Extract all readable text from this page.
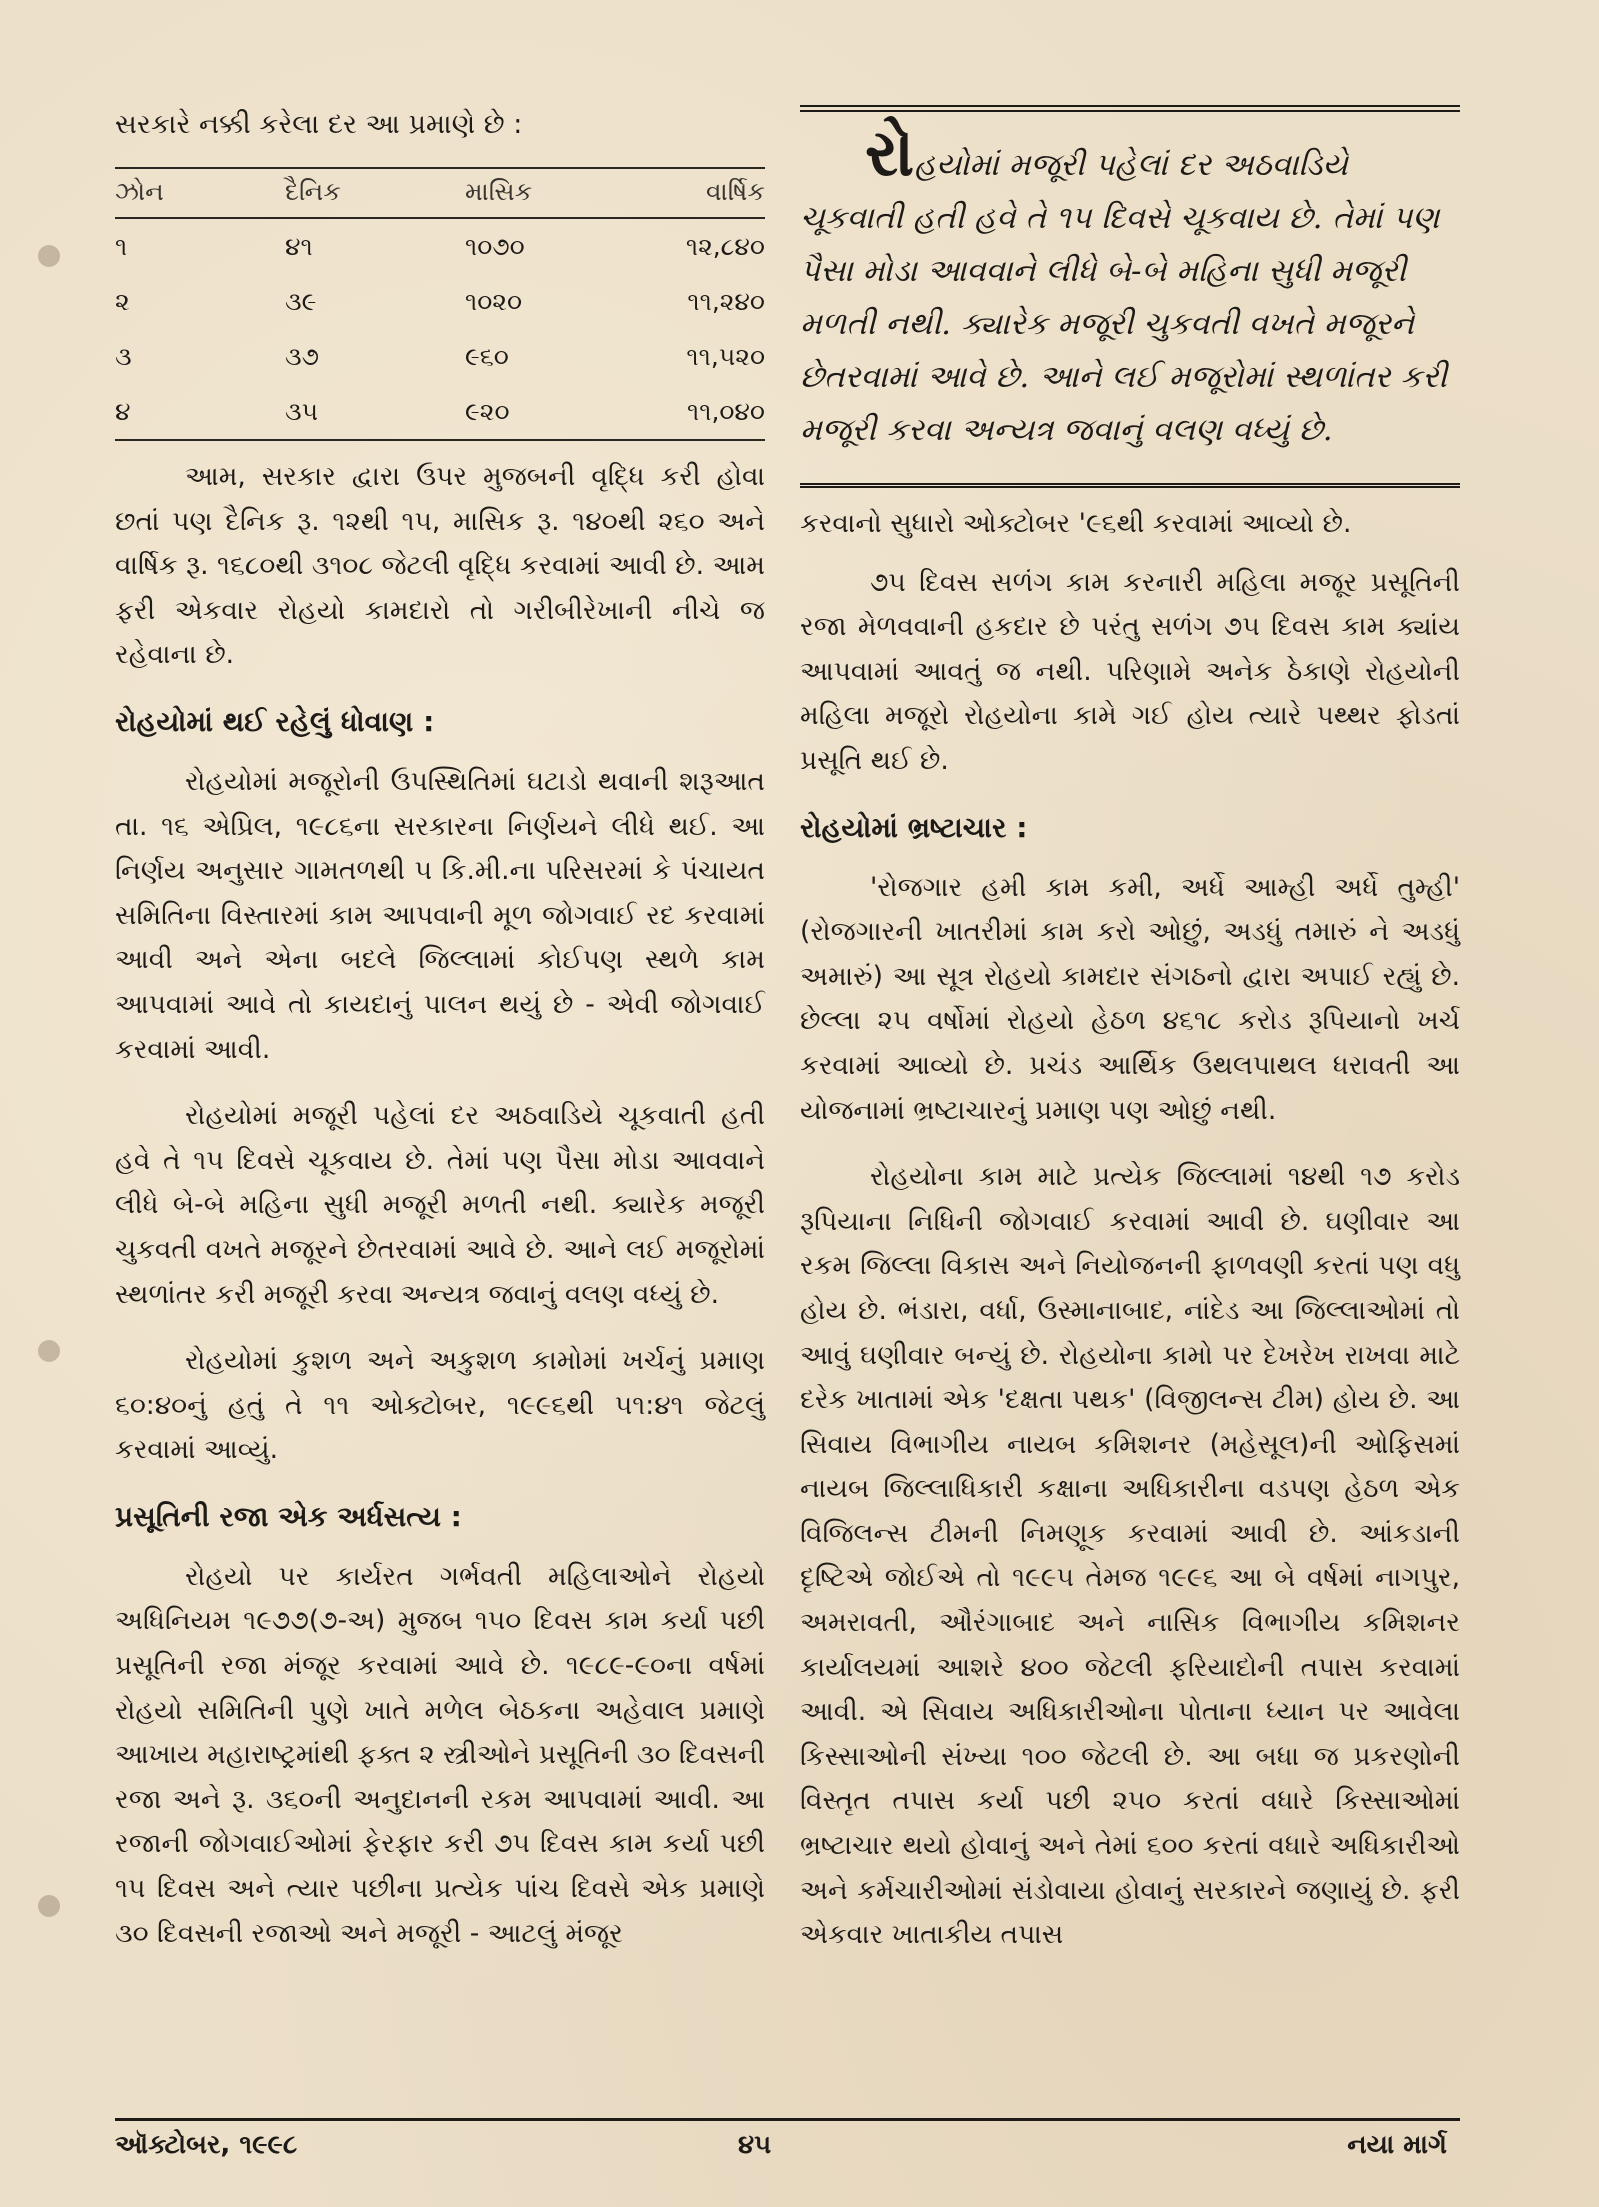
સરકારે નક્કી કરેલા દર આ પ્રમાણે છે :

ઝોન	દૈનિક	માસિક	વાર્ષિક
૧	૪૧	૧૦૭૦	૧૨,૮૪૦
૨	૩૯	૧૦૨૦	૧૧,૨૪૦
૩	૩૭	૯૬૦	૧૧,૫૨૦
૪	૩૫	૯૨૦	૧૧,૦૪૦

આમ, સરકાર દ્વારા ઉપર મુજબની વૃદ્ધિ કરી હોવા છતાં પણ દૈનિક રૂ. ૧૨થી ૧૫, માસિક રૂ. ૧૪૦થી ૨૬૦ અને વાર્ષિક રૂ. ૧૬૮૦થી ૩૧૦૮ જેટલી વૃદ્ધિ કરવામાં આવી છે. આમ ફરી એકવાર રોહયો કામદારો તો ગરીબીરેખાની નીચે જ રહેવાના છે.

રોહયોમાં થઈ રહેલું ધોવાણ :

રોહયોમાં મજૂરોની ઉપસ્થિતિમાં ઘટાડો થવાની શરૂઆત તા. ૧૬ એપ્રિલ, ૧૯૮૬ના સરકારના નિર્ણયને લીધે થઈ. આ નિર્ણય અનુસાર ગામતળથી ૫ કિ.મી.ના પરિસરમાં કે પંચાયત સમિતિના વિસ્તારમાં કામ આપવાની મૂળ જોગવાઈ રદ કરવામાં આવી અને એના બદલે જિલ્લામાં કોઈપણ સ્થળે કામ આપવામાં આવે તો કાયદાનું પાલન થયું છે - એવી જોગવાઈ કરવામાં આવી.

રોહયોમાં મજૂરી પહેલાં દર અઠવાડિયે ચૂકવાતી હતી હવે તે ૧૫ દિવસે ચૂકવાય છે. તેમાં પણ પૈસા મોડા આવવાને લીધે બે-બે મહિના સુધી મજૂરી મળતી નથી. ક્યારેક મજૂરી ચુકવતી વખતે મજૂરને છેતરવામાં આવે છે. આને લઈ મજૂરોમાં સ્થળાંતર કરી મજૂરી કરવા અન્યત્ર જવાનું વલણ વધ્યું છે.

રોહયોમાં કુશળ અને અકુશળ કામોમાં ખર્ચનું પ્રમાણ ૬૦:૪૦નું હતું તે ૧૧ ઓક્ટોબર, ૧૯૯૬થી ૫૧:૪૧ જેટલું કરવામાં આવ્યું.

પ્રસૂતિની રજા એક અર્ધસત્ય :

રોહયો પર કાર્યરત ગર્ભવતી મહિલાઓને રોહયો અધિનિયમ ૧૯૭૭(૭-અ) મુજબ ૧૫૦ દિવસ કામ કર્યા પછી પ્રસૂતિની રજા મંજૂર કરવામાં આવે છે. ૧૯૮૯-૯૦ના વર્ષમાં રોહયો સમિતિની પુણે ખાતે મળેલ બેઠકના અહેવાલ પ્રમાણે આખાય મહારાષ્ટ્રમાંથી ફક્ત ૨ સ્ત્રીઓને પ્રસૂતિની ૩૦ દિવસની રજા અને રૂ. ૩૬૦ની અનુદાનની રકમ આપવામાં આવી. આ રજાની જોગવાઈઓમાં ફેરફાર કરી ૭૫ દિવસ કામ કર્યા પછી ૧૫ દિવસ અને ત્યાર પછીના પ્રત્યેક પાંચ દિવસે એક પ્રમાણે ૩૦ દિવસની રજાઓ અને મજૂરી - આટલું મંજૂર

રોહયોમાં મજૂરી પહેલાં દર અઠવાડિયે ચૂકવાતી હતી હવે તે ૧૫ દિવસે ચૂકવાય છે. તેમાં પણ પૈસા મોડા આવવાને લીધે બે-બે મહિના સુધી મજૂરી મળતી નથી. ક્યારેક મજૂરી ચુકવતી વખતે મજૂરને છેતરવામાં આવે છે. આને લઈ મજૂરોમાં સ્થળાંતર કરી મજૂરી કરવા અન્યત્ર જવાનું વલણ વધ્યું છે.

કરવાનો સુધારો ઓક્ટોબર '૯૬થી કરવામાં આવ્યો છે.

૭૫ દિવસ સળંગ કામ કરનારી મહિલા મજૂર પ્રસૂતિની રજા મેળવવાની હકદાર છે પરંતુ સળંગ ૭૫ દિવસ કામ ક્યાંય આપવામાં આવતું જ નથી. પરિણામે અનેક ઠેકાણે રોહયોની મહિલા મજૂરો રોહયોના કામે ગઈ હોય ત્યારે પથ્થર ફોડતાં પ્રસૂતિ થઈ છે.

રોહયોમાં ભ્રષ્ટાચાર :

'રોજગાર હમી કામ કમી, અર્ધે આમ્હી અર્ધે તુમ્હી' (રોજગારની ખાતરીમાં કામ કરો ઓછું, અડધું તમારું ને અડધું અમારું) આ સૂત્ર રોહયો કામદાર સંગઠનો દ્વારા અપાઈ રહ્યું છે. છેલ્લા ૨૫ વર્ષોમાં રોહયો હેઠળ ૪૬૧૮ કરોડ રૂપિયાનો ખર્ચ કરવામાં આવ્યો છે. પ્રચંડ આર્થિક ઉથલપાથલ ધરાવતી આ યોજનામાં ભ્રષ્ટાચારનું પ્રમાણ પણ ઓછું નથી.

રોહયોના કામ માટે પ્રત્યેક જિલ્લામાં ૧૪થી ૧૭ કરોડ રૂપિયાના નિધિની જોગવાઈ કરવામાં આવી છે. ઘણીવાર આ રકમ જિલ્લા વિકાસ અને નિયોજનની ફાળવણી કરતાં પણ વધુ હોય છે. ભંડારા, વર્ધા, ઉસ્માનાબાદ, નાંદેડ આ જિલ્લાઓમાં તો આવું ઘણીવાર બન્યું છે. રોહયોના કામો પર દેખરેખ રાખવા માટે દરેક ખાતામાં એક 'દક્ષતા પથક' (વિજીલન્સ ટીમ) હોય છે. આ સિવાય વિભાગીય નાયબ કમિશનર (મહેસૂલ)ની ઓફિસમાં નાયબ જિલ્લાધિકારી કક્ષાના અધિકારીના વડપણ હેઠળ એક વિજિલન્સ ટીમની નિમણૂક કરવામાં આવી છે. આંકડાની દૃષ્ટિએ જોઈએ તો ૧૯૯૫ તેમજ ૧૯૯૬ આ બે વર્ષમાં નાગપુર, અમરાવતી, ઔરંગાબાદ અને નાસિક વિભાગીય કમિશનર કાર્યાલયમાં આશરે ૪૦૦ જેટલી ફરિયાદોની તપાસ કરવામાં આવી. એ સિવાય અધિકારીઓના પોતાના ધ્યાન પર આવેલા કિસ્સાઓની સંખ્યા ૧૦૦ જેટલી છે. આ બધા જ પ્રકરણોની વિસ્તૃત તપાસ કર્યા પછી ૨૫૦ કરતાં વધારે કિસ્સાઓમાં ભ્રષ્ટાચાર થયો હોવાનું અને તેમાં ૬૦૦ કરતાં વધારે અધિકારીઓ અને કર્મચારીઓમાં સંડોવાયા હોવાનું સરકારને જણાયું છે. ફરી એકવાર ખાતાકીય તપાસ

ઑક્ટોબર, ૧૯૯૮	૪૫	નયા માર્ગ
